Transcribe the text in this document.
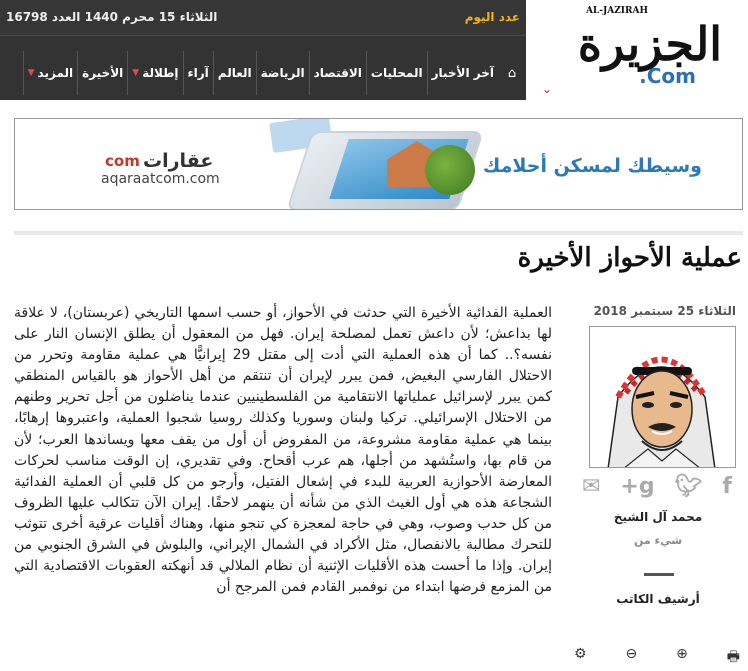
AL-JAZIRAH
الجزيرة
.Com
⌄
عدد اليوم
الثلاثاء 15 محرم 1440 العدد 16798
⌂
آخر الأخبار
المحليات
الاقتصاد
الرياضة
العالم
آراء
إطلالة
▼
الأخيرة
المزيد
▼
وسيطك لمسكن أحلامك
com عقارات
aqaraatcom.com
عملية الأحواز الأخيرة
الثلاثاء 25 سبتمبر 2018
f
🐦︎
g+
✉
محمد آل الشيخ
شيء من
أرشيف الكاتب
🖶
⊕
⊖
⚙
العملية الفدائية الأخيرة التي حدثت في الأحواز، أو حسب اسمها التاريخي (عربستان)، لا علاقة لها بداعش؛ لأن داعش تعمل لمصلحة إيران. فهل من المعقول أن يطلق الإنسان النار على نفسه؟.. كما أن هذه العملية التي أدت إلى مقتل 29 إيرانيًّا هي عملية مقاومة وتحرر من الاحتلال الفارسي البغيض، فمن يبرر لإيران أن تنتقم من أهل الأحواز هو بالقياس المنطقي كمن يبرر لإسرائيل عملياتها الانتقامية من الفلسطينيين عندما يناضلون من أجل تحرير وطنهم من الاحتلال الإسرائيلي. تركيا ولبنان وسوريا وكذلك روسيا شجبوا العملية، واعتبروها إرهابًا، بينما هي عملية مقاومة مشروعة، من المفروض أن أول من يقف معها ويساندها العرب؛ لأن من قام بها، واستُشهد من أجلها، هم عرب أقحاح. وفي تقديري، إن الوقت مناسب لحركات المعارضة الأحوازية العربية للبدء في إشعال الفتيل، وأرجو من كل قلبي أن العملية الفدائية الشجاعة هذه هي أول الغيث الذي من شأنه أن ينهمر لاحقًا. إيران الآن تتكالب عليها الظروف من كل حدب وصوب، وهي في حاجة لمعجزة كي تنجو منها، وهناك أقليات عرقية أخرى تتوثب للتحرك مطالبة بالانفصال، مثل الأكراد في الشمال الإيراني، والبلوش في الشرق الجنوبي من إيران. وإذا ما أحست هذه الأقليات الإثنية أن نظام الملالي قد أنهكته العقوبات الاقتصادية التي من المزمع فرضها ابتداء من نوفمبر القادم فمن المرجح أن
